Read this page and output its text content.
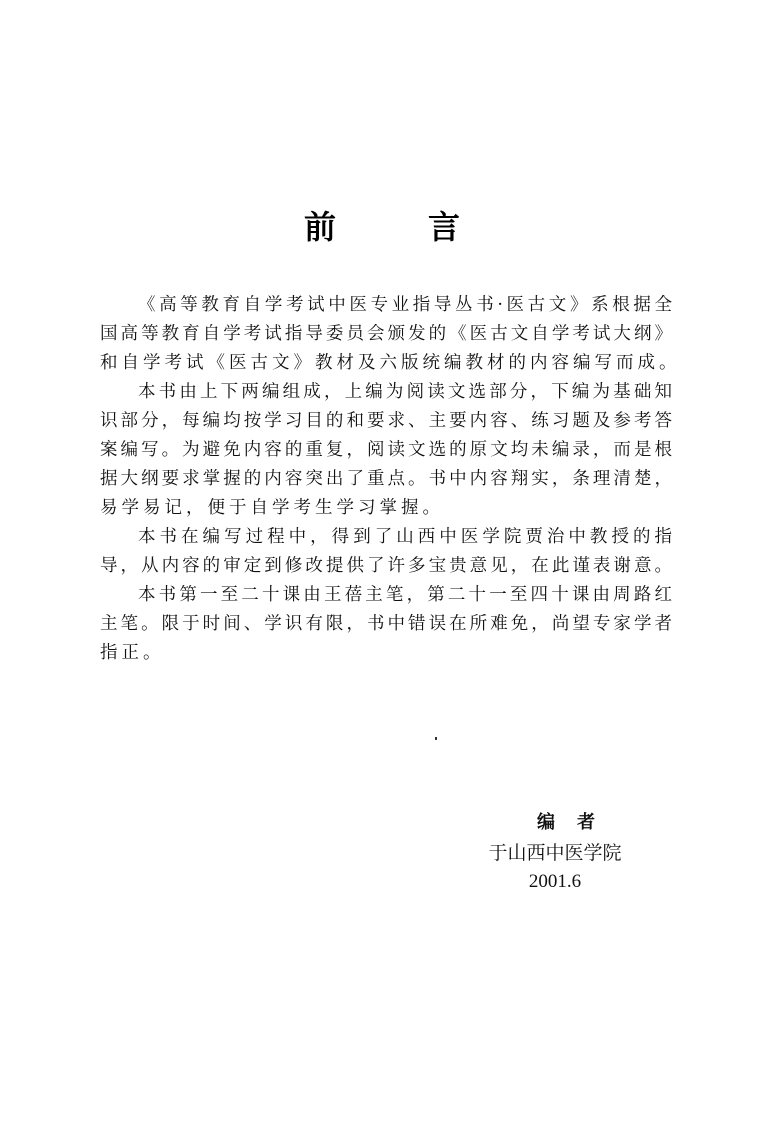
前	言
《高等教育自学考试中医专业指导丛书·医古文》系根据全
国高等教育自学考试指导委员会颁发的《医古文自学考试大纲》
和自学考试《医古文》教材及六版统编教材的内容编写而成。
本书由上下两编组成，上编为阅读文选部分，下编为基础知
识部分，每编均按学习目的和要求、主要内容、练习题及参考答
案编写。为避免内容的重复，阅读文选的原文均未编录，而是根
据大纲要求掌握的内容突出了重点。书中内容翔实，条理清楚，
易学易记，便于自学考生学习掌握。
本书在编写过程中，得到了山西中医学院贾治中教授的指
导，从内容的审定到修改提供了许多宝贵意见，在此谨表谢意。
本书第一至二十课由王蓓主笔，第二十一至四十课由周路红
主笔。限于时间、学识有限，书中错误在所难免，尚望专家学者
指正。
编者
于山西中医学院
2001.6
